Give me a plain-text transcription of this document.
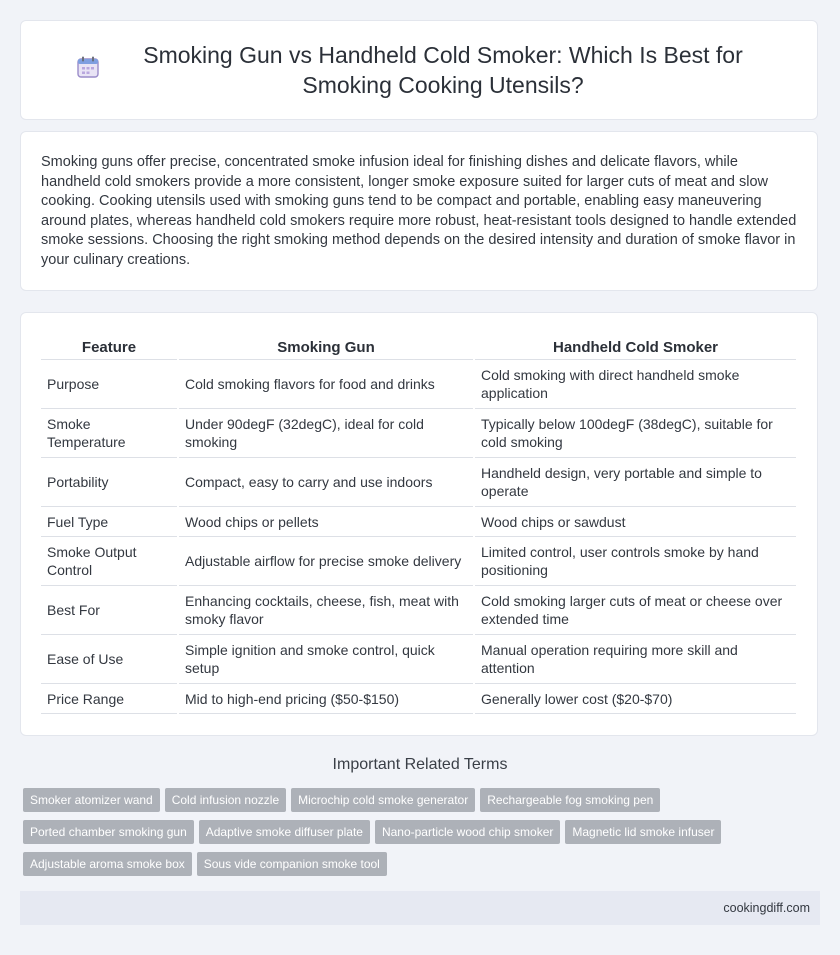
Smoking Gun vs Handheld Cold Smoker: Which Is Best for Smoking Cooking Utensils?

Smoking guns offer precise, concentrated smoke infusion ideal for finishing dishes and delicate flavors, while handheld cold smokers provide a more consistent, longer smoke exposure suited for larger cuts of meat and slow cooking. Cooking utensils used with smoking guns tend to be compact and portable, enabling easy maneuvering around plates, whereas handheld cold smokers require more robust, heat-resistant tools designed to handle extended smoke sessions. Choosing the right smoking method depends on the desired intensity and duration of smoke flavor in your culinary creations.

Feature	Smoking Gun	Handheld Cold Smoker
Purpose	Cold smoking flavors for food and drinks	Cold smoking with direct handheld smoke application
Smoke Temperature	Under 90degF (32degC), ideal for cold smoking	Typically below 100degF (38degC), suitable for cold smoking
Portability	Compact, easy to carry and use indoors	Handheld design, very portable and simple to operate
Fuel Type	Wood chips or pellets	Wood chips or sawdust
Smoke Output Control	Adjustable airflow for precise smoke delivery	Limited control, user controls smoke by hand positioning
Best For	Enhancing cocktails, cheese, fish, meat with smoky flavor	Cold smoking larger cuts of meat or cheese over extended time
Ease of Use	Simple ignition and smoke control, quick setup	Manual operation requiring more skill and attention
Price Range	Mid to high-end pricing ($50-$150)	Generally lower cost ($20-$70)
Important Related Terms
Smoker atomizer wand Cold infusion nozzle Microchip cold smoke generator Rechargeable fog smoking penPorted chamber smoking gun Adaptive smoke diffuser plate Nano-particle wood chip smoker Magnetic lid smoke infuserAdjustable aroma smoke box Sous vide companion smoke tool
cookingdiff.com
